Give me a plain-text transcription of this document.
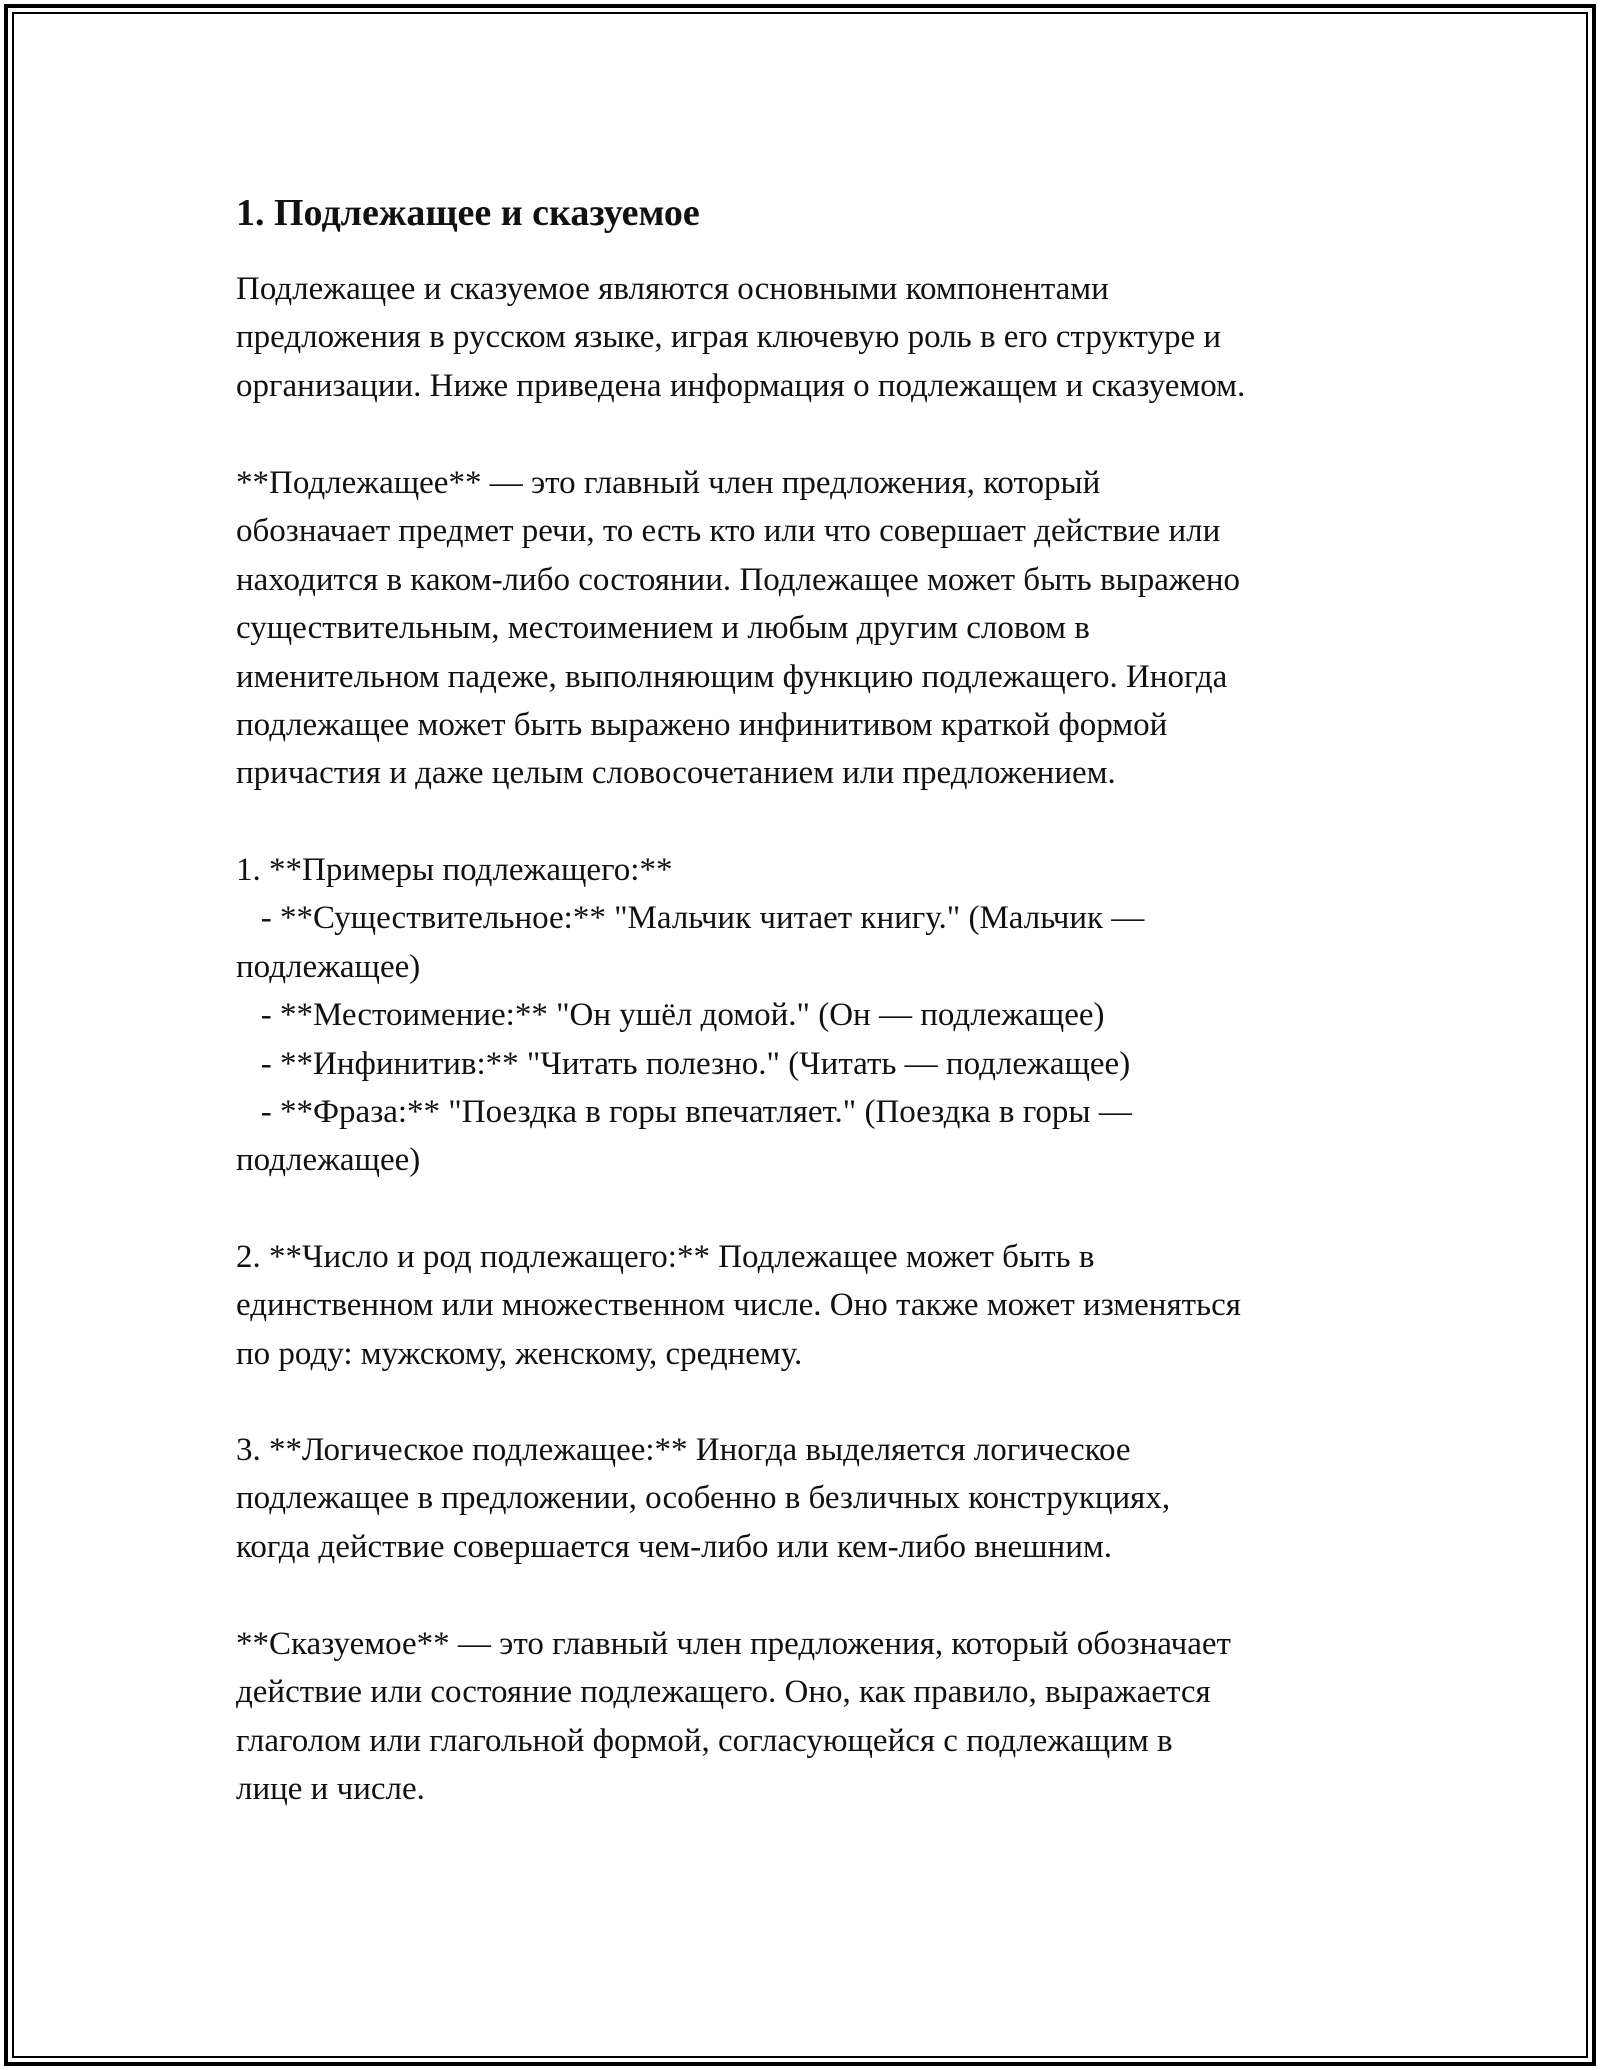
1. Подлежащее и сказуемое
Подлежащее и сказуемое являются основными компонентами
предложения в русском языке, играя ключевую роль в его структуре и
организации. Ниже приведена информация о подлежащем и сказуемом.
**Подлежащее** — это главный член предложения, который
обозначает предмет речи, то есть кто или что совершает действие или
находится в каком-либо состоянии. Подлежащее может быть выражено
существительным, местоимением и любым другим словом в
именительном падеже, выполняющим функцию подлежащего. Иногда
подлежащее может быть выражено инфинитивом краткой формой
причастия и даже целым словосочетанием или предложением.
1. **Примеры подлежащего:**
- **Существительное:** "Мальчик читает книгу." (Мальчик —
подлежащее)
- **Местоимение:** "Он ушёл домой." (Он — подлежащее)
- **Инфинитив:** "Читать полезно." (Читать — подлежащее)
- **Фраза:** "Поездка в горы впечатляет." (Поездка в горы —
подлежащее)
2. **Число и род подлежащего:** Подлежащее может быть в
единственном или множественном числе. Оно также может изменяться
по роду: мужскому, женскому, среднему.
3. **Логическое подлежащее:** Иногда выделяется логическое
подлежащее в предложении, особенно в безличных конструкциях,
когда действие совершается чем-либо или кем-либо внешним.
**Сказуемое** — это главный член предложения, который обозначает
действие или состояние подлежащего. Оно, как правило, выражается
глаголом или глагольной формой, согласующейся с подлежащим в
лице и числе.
